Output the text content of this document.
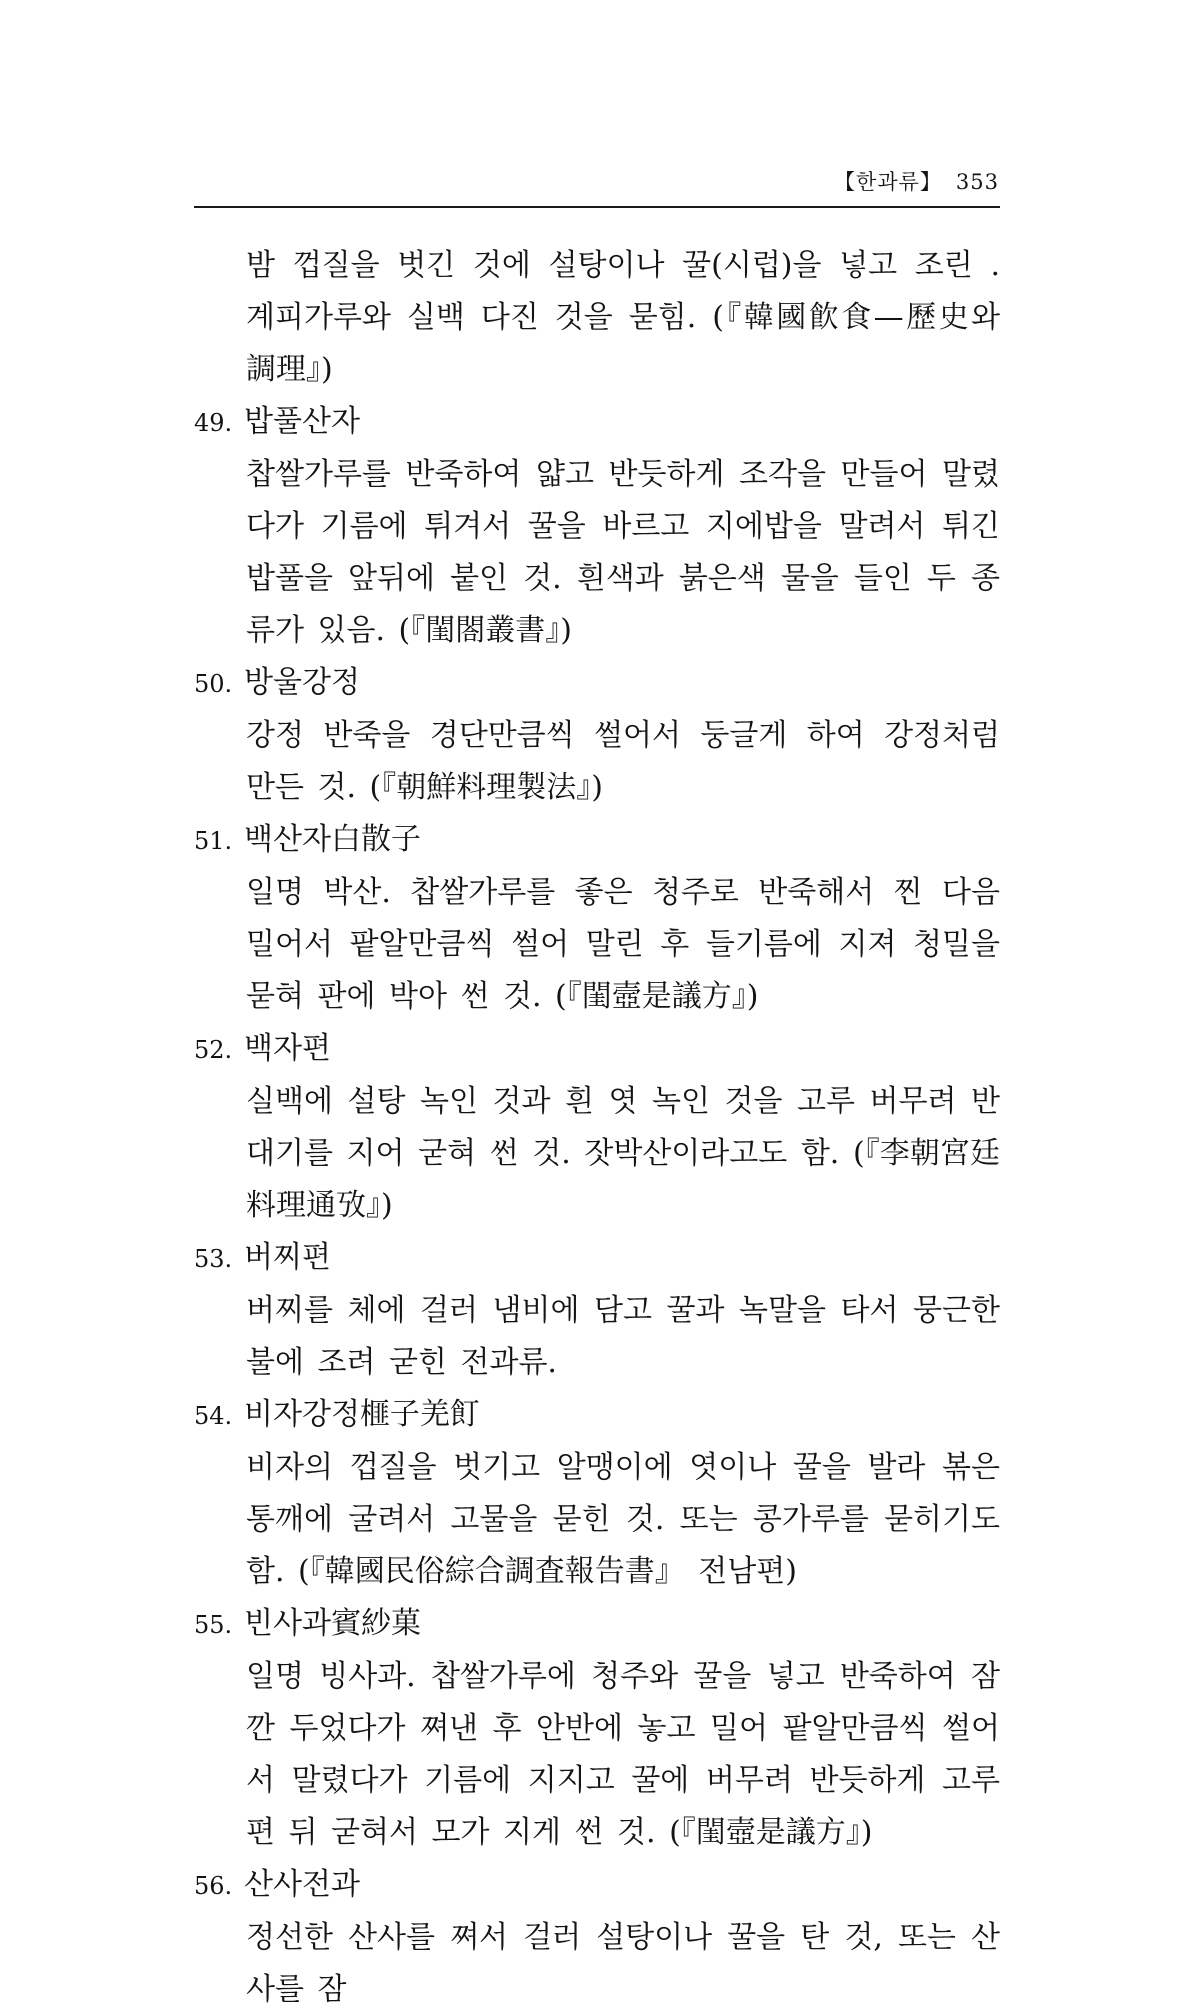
【한과류】 353

밤 껍질을 벗긴 것에 설탕이나 꿀(시럽)을 넣고 조린 . 계피가루와 실백 다진 것을 묻힘. (『韓國飮食—歷史와 調理』)

49. 밥풀산자

찹쌀가루를 반죽하여 얇고 반듯하게 조각을 만들어 말렸다가 기름에 튀겨서 꿀을 바르고 지에밥을 말려서 튀긴 밥풀을 앞뒤에 붙인 것. 흰색과 붉은색 물을 들인 두 종류가 있음. (『閨閤叢書』)

50. 방울강정

강정 반죽을 경단만큼씩 썰어서 둥글게 하여 강정처럼 만든 것. (『朝鮮料理製法』)

51. 백산자白散子

일명 박산. 찹쌀가루를 좋은 청주로 반죽해서 찐 다음 밀어서 팥알만큼씩 썰어 말린 후 들기름에 지져 청밀을 묻혀 판에 박아 썬 것. (『閨壼是議方』)

52. 백자편

실백에 설탕 녹인 것과 흰 엿 녹인 것을 고루 버무려 반대기를 지어 굳혀 썬 것. 잣박산이라고도 함. (『李朝宮廷料理通攷』)

53. 버찌편

버찌를 체에 걸러 냄비에 담고 꿀과 녹말을 타서 뭉근한 불에 조려 굳힌 전과류.

54. 비자강정榧子羌飣

비자의 껍질을 벗기고 알맹이에 엿이나 꿀을 발라 볶은 통깨에 굴려서 고물을 묻힌 것. 또는 콩가루를 묻히기도 함. (『韓國民俗綜合調査報告書』 전남편)

55. 빈사과賓紗菓

일명 빙사과. 찹쌀가루에 청주와 꿀을 넣고 반죽하여 잠깐 두었다가 쪄낸 후 안반에 놓고 밀어 팥알만큼씩 썰어서 말렸다가 기름에 지지고 꿀에 버무려 반듯하게 고루 편 뒤 굳혀서 모가 지게 썬 것. (『閨壼是議方』)

56. 산사전과

정선한 산사를 쪄서 걸러 설탕이나 꿀을 탄 것, 또는 산사를 잠
